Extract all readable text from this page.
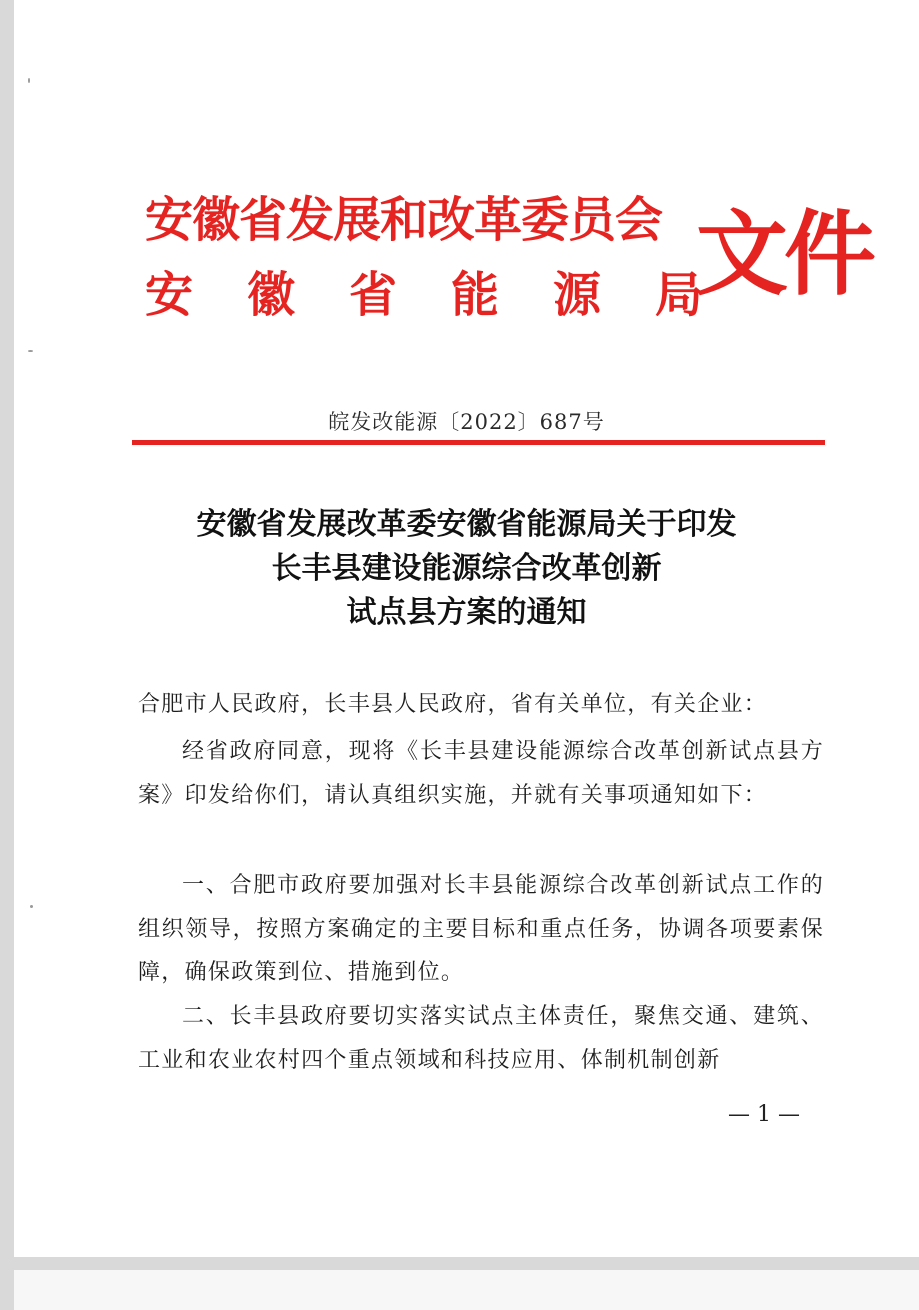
安徽省发展和改革委员会
安 徽 省 能 源 局
文件
皖发改能源〔2022〕687号
安徽省发展改革委安徽省能源局关于印发
长丰县建设能源综合改革创新
试点县方案的通知
合肥市人民政府，长丰县人民政府，省有关单位，有关企业：

经省政府同意，现将《长丰县建设能源综合改革创新试点县方案》印发给你们，请认真组织实施，并就有关事项通知如下：

一、合肥市政府要加强对长丰县能源综合改革创新试点工作的组织领导，按照方案确定的主要目标和重点任务，协调各项要素保障，确保政策到位、措施到位。

二、长丰县政府要切实落实试点主体责任，聚焦交通、建筑、工业和农业农村四个重点领域和科技应用、体制机制创新

— 1 —
